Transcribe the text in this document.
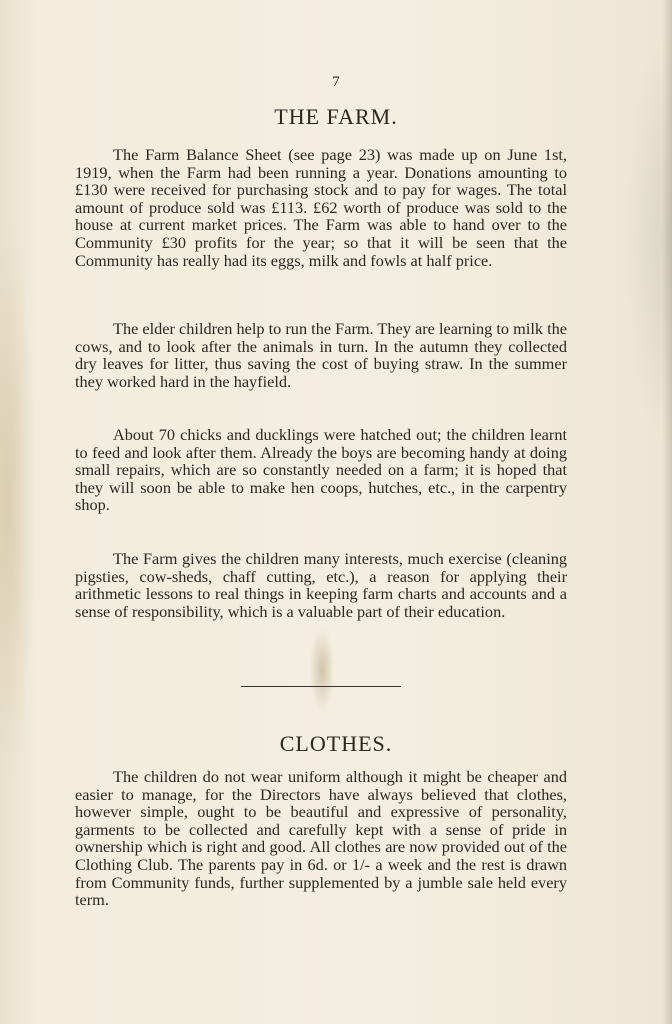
7
THE FARM.

The Farm Balance Sheet (see page 23) was made up on June 1st, 1919, when the Farm had been running a year. Donations amounting to £130 were received for purchasing stock and to pay for wages. The total amount of produce sold was £113. £62 worth of produce was sold to the house at current market prices. The Farm was able to hand over to the Community £30 profits for the year; so that it will be seen that the Community has really had its eggs, milk and fowls at half price.

The elder children help to run the Farm. They are learning to milk the cows, and to look after the animals in turn. In the autumn they collected dry leaves for litter, thus saving the cost of buying straw. In the summer they worked hard in the hayfield.

About 70 chicks and ducklings were hatched out; the children learnt to feed and look after them. Already the boys are becoming handy at doing small repairs, which are so constantly needed on a farm; it is hoped that they will soon be able to make hen coops, hutches, etc., in the carpentry shop.

The Farm gives the children many interests, much exercise (cleaning pigsties, cow-sheds, chaff cutting, etc.), a reason for applying their arithmetic lessons to real things in keeping farm charts and accounts and a sense of responsibility, which is a valuable part of their education.

CLOTHES.

The children do not wear uniform although it might be cheaper and easier to manage, for the Directors have always believed that clothes, however simple, ought to be beautiful and expressive of personality, garments to be collected and carefully kept with a sense of pride in ownership which is right and good. All clothes are now provided out of the Clothing Club. The parents pay in 6d. or 1/- a week and the rest is drawn from Community funds, further supplemented by a jumble sale held every term.
